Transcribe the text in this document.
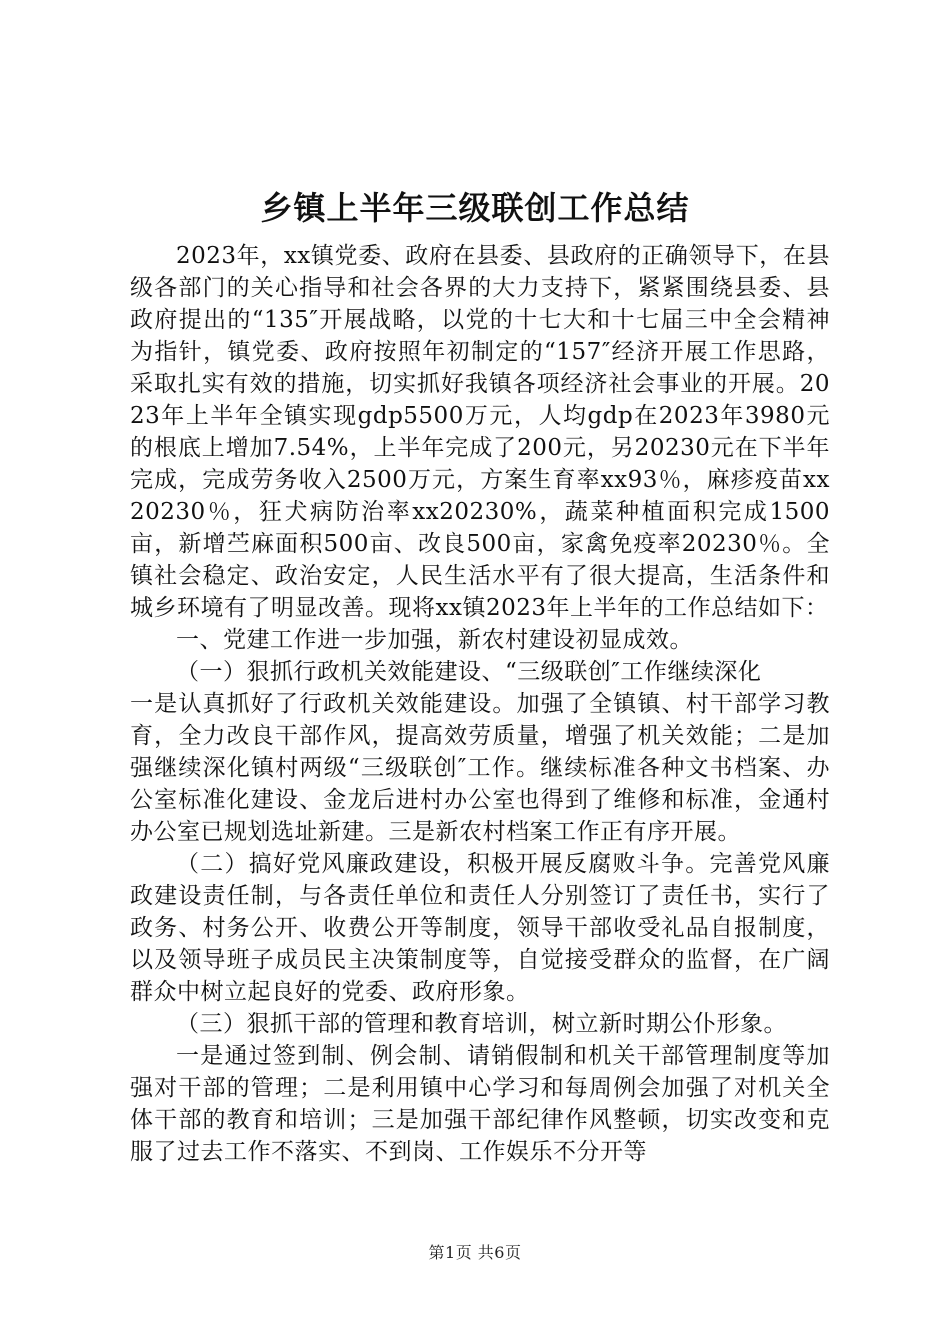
乡镇上半年三级联创工作总结

2023年，xx镇党委、政府在县委、县政府的正确领导下，在县级各部门的关心指导和社会各界的大力支持下，紧紧围绕县委、县政府提出的“135″开展战略，以党的十七大和十七届三中全会精神为指针，镇党委、政府按照年初制定的“157″经济开展工作思路，采取扎实有效的措施，切实抓好我镇各项经济社会事业的开展。2023年上半年全镇实现gdp5500万元，人均gdp在2023年3980元的根底上增加7.54%，上半年完成了200元，另20230元在下半年完成，完成劳务收入2500万元，方案生育率xx93％，麻疹疫苗xx20230％，狂犬病防治率xx20230%，蔬菜种植面积完成1500亩，新增苎麻面积500亩、改良500亩，家禽免疫率20230％。全镇社会稳定、政治安定，人民生活水平有了很大提高，生活条件和城乡环境有了明显改善。现将xx镇2023年上半年的工作总结如下：

一、党建工作进一步加强，新农村建设初显成效。

（一）狠抓行政机关效能建设、“三级联创″工作继续深化

一是认真抓好了行政机关效能建设。加强了全镇镇、村干部学习教育，全力改良干部作风，提高效劳质量，增强了机关效能；二是加强继续深化镇村两级“三级联创″工作。继续标准各种文书档案、办公室标准化建设、金龙后进村办公室也得到了维修和标准，金通村办公室已规划选址新建。三是新农村档案工作正有序开展。

（二）搞好党风廉政建设，积极开展反腐败斗争。完善党风廉政建设责任制，与各责任单位和责任人分别签订了责任书，实行了政务、村务公开、收费公开等制度，领导干部收受礼品自报制度，以及领导班子成员民主决策制度等，自觉接受群众的监督，在广阔群众中树立起良好的党委、政府形象。

（三）狠抓干部的管理和教育培训，树立新时期公仆形象。

一是通过签到制、例会制、请销假制和机关干部管理制度等加强对干部的管理；二是利用镇中心学习和每周例会加强了对机关全体干部的教育和培训；三是加强干部纪律作风整顿，切实改变和克服了过去工作不落实、不到岗、工作娱乐不分开等

第1页 共6页
